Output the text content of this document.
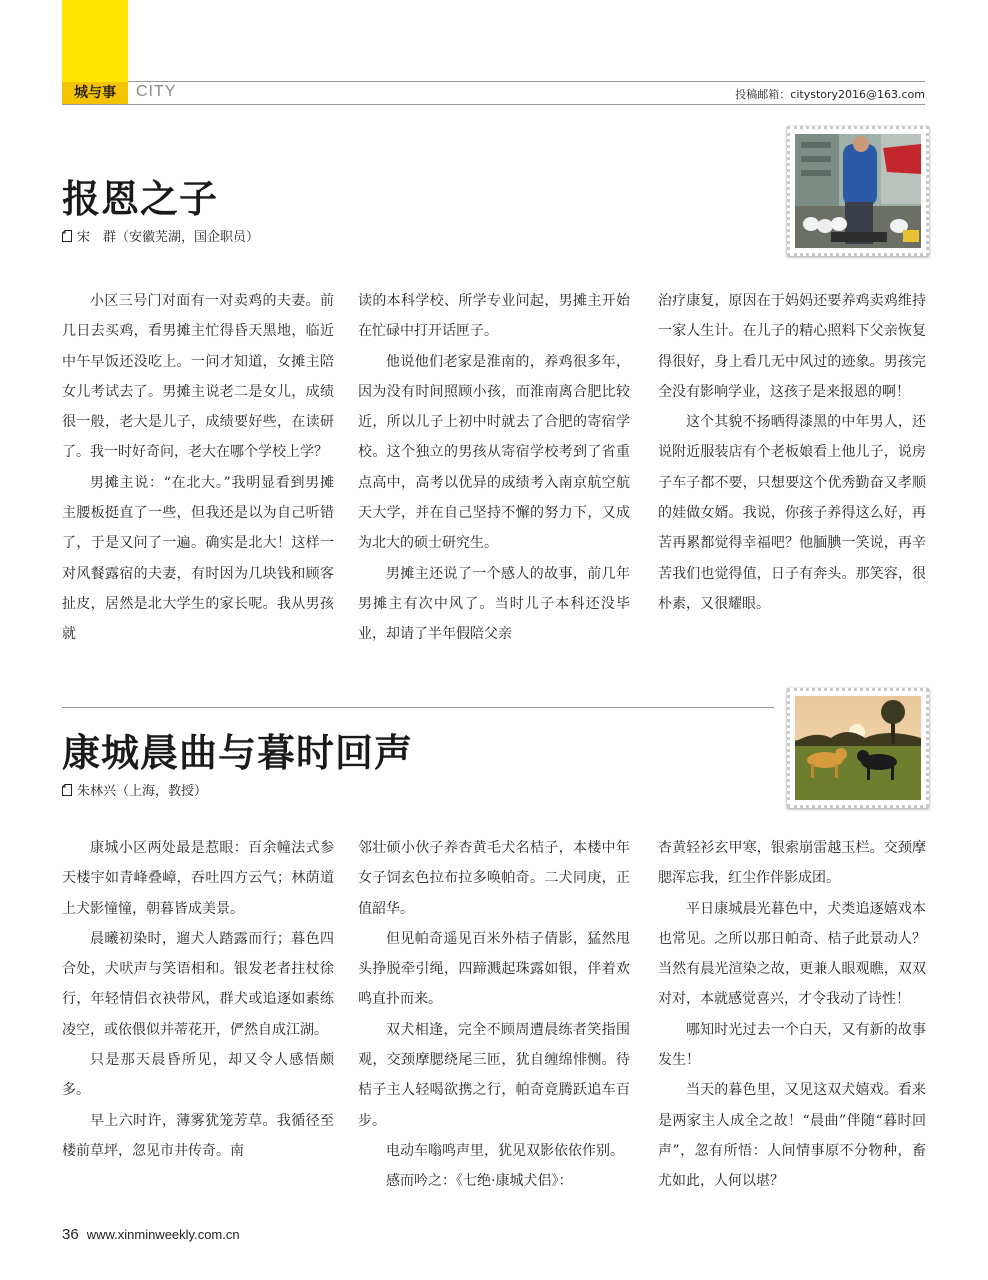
城与事	CITY	投稿邮箱：citystory2016@163.com
报恩之子
宋　群（安徽芜湖，国企职员）

小区三号门对面有一对卖鸡的夫妻。前几日去买鸡，看男摊主忙得昏天黑地，临近中午早饭还没吃上。一问才知道，女摊主陪女儿考试去了。男摊主说老二是女儿，成绩很一般，老大是儿子，成绩要好些，在读研了。我一时好奇问，老大在哪个学校上学？

男摊主说：“在北大。”我明显看到男摊主腰板挺直了一些，但我还是以为自己听错了，于是又问了一遍。确实是北大！这样一对风餐露宿的夫妻，有时因为几块钱和顾客扯皮，居然是北大学生的家长呢。我从男孩就

读的本科学校、所学专业问起，男摊主开始在忙碌中打开话匣子。

他说他们老家是淮南的，养鸡很多年，因为没有时间照顾小孩，而淮南离合肥比较近，所以儿子上初中时就去了合肥的寄宿学校。这个独立的男孩从寄宿学校考到了省重点高中，高考以优异的成绩考入南京航空航天大学，并在自己坚持不懈的努力下，又成为北大的硕士研究生。

男摊主还说了一个感人的故事，前几年男摊主有次中风了。当时儿子本科还没毕业，却请了半年假陪父亲

治疗康复，原因在于妈妈还要养鸡卖鸡维持一家人生计。在儿子的精心照料下父亲恢复得很好，身上看几无中风过的迹象。男孩完全没有影响学业，这孩子是来报恩的啊！

这个其貌不扬晒得漆黑的中年男人，还说附近服装店有个老板娘看上他儿子，说房子车子都不要，只想要这个优秀勤奋又孝顺的娃做女婿。我说，你孩子养得这么好，再苦再累都觉得幸福吧？他腼腆一笑说，再辛苦我们也觉得值，日子有奔头。那笑容，很朴素，又很耀眼。

康城晨曲与暮时回声
朱林兴（上海，教授）

康城小区两处最是惹眼：百余幢法式参天楼宇如青峰叠嶂，吞吐四方云气；林荫道上犬影憧憧，朝暮皆成美景。

晨曦初染时，遛犬人踏露而行；暮色四合处，犬吠声与笑语相和。银发老者拄杖徐行，年轻情侣衣袂带风，群犬或追逐如素练凌空，或依偎似并蒂花开，俨然自成江湖。

只是那天晨昏所见，却又令人感悟颇多。

早上六时许，薄雾犹笼芳草。我循径至楼前草坪，忽见市井传奇。南

邻壮硕小伙子养杏黄毛犬名桔子，本楼中年女子饲玄色拉布拉多唤帕奇。二犬同庚，正值韶华。

但见帕奇遥见百米外桔子倩影，猛然甩头挣脱牵引绳，四蹄溅起珠露如银，伴着欢鸣直扑而来。

双犬相逢，完全不顾周遭晨练者笑指围观，交颈摩腮绕尾三匝，犹自缠绵悱恻。待桔子主人轻喝欲携之行，帕奇竟腾跃追车百步。

电动车嗡鸣声里，犹见双影依依作别。

感而吟之：《七绝·康城犬侣》：

杏黄轻衫玄甲寒，银索崩雷越玉栏。交颈摩腮浑忘我，红尘作伴影成团。

平日康城晨光暮色中，犬类追逐嬉戏本也常见。之所以那日帕奇、桔子此景动人？当然有晨光渲染之故，更兼人眼观瞧，双双对对，本就感觉喜兴，才令我动了诗性！

哪知时光过去一个白天，又有新的故事发生！

当天的暮色里，又见这双犬嬉戏。看来是两家主人成全之故！“晨曲”伴随“暮时回声”，忽有所悟：人间情事原不分物种，畜尤如此，人何以堪？

36 www.xinminweekly.com.cn
